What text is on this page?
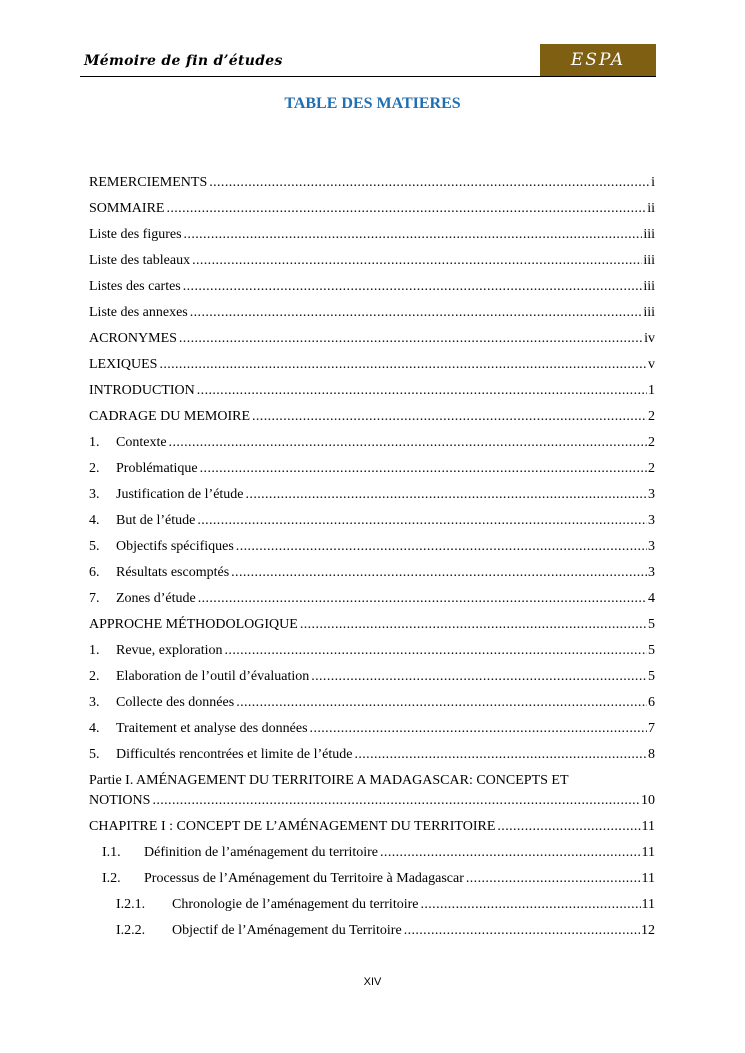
Mémoire de fin d’études	ESPA
TABLE DES MATIERES
REMERCIEMENTS .....	i
SOMMAIRE .....	ii
Liste des figures .....	iii
Liste des tableaux .....	iii
Listes des cartes .....	iii
Liste des annexes .....	iii
ACRONYMES .....	iv
LEXIQUES .....	v
INTRODUCTION .....	1
CADRAGE DU MEMOIRE .....	2
1. Contexte .....	2
2. Problématique .....	2
3. Justification de l’étude .....	3
4. But de l’étude .....	3
5. Objectifs spécifiques .....	3
6. Résultats escomptés .....	3
7. Zones d’étude .....	4
APPROCHE MÉTHODOLOGIQUE .....	5
1. Revue, exploration .....	5
2. Elaboration de l’outil d’évaluation .....	5
3. Collecte des données .....	6
4. Traitement et analyse des données .....	7
5. Difficultés rencontrées et limite de l’étude .....	8
Partie I. AMÉNAGEMENT DU TERRITOIRE A MADAGASCAR: CONCEPTS ET
NOTIONS .....	10
CHAPITRE I : CONCEPT DE L’AMÉNAGEMENT DU TERRITOIRE .....	11
I.1. Définition de l’aménagement du territoire .....	11
I.2. Processus de l’Aménagement du Territoire à Madagascar .....	11
I.2.1. Chronologie de l’aménagement du territoire .....	11
I.2.2. Objectif de l’Aménagement du Territoire .....	12
XIV
